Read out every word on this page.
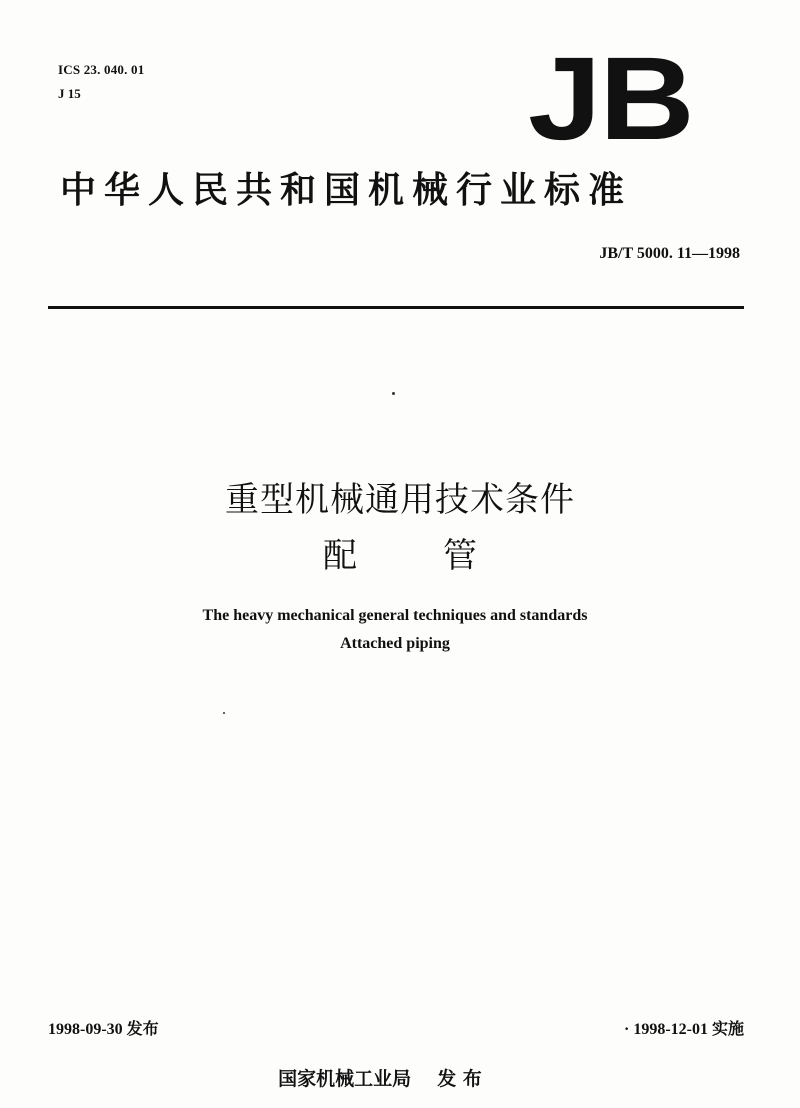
ICS 23. 040. 01
J 15	JB
中华人民共和国机械行业标准
JB/T 5000. 11—1998
重型机械通用技术条件
配	管
The heavy mechanical general techniques and standards
Attached piping
1998-09-30 发布	· 1998-12-01 实施
国家机械工业局 发 布
